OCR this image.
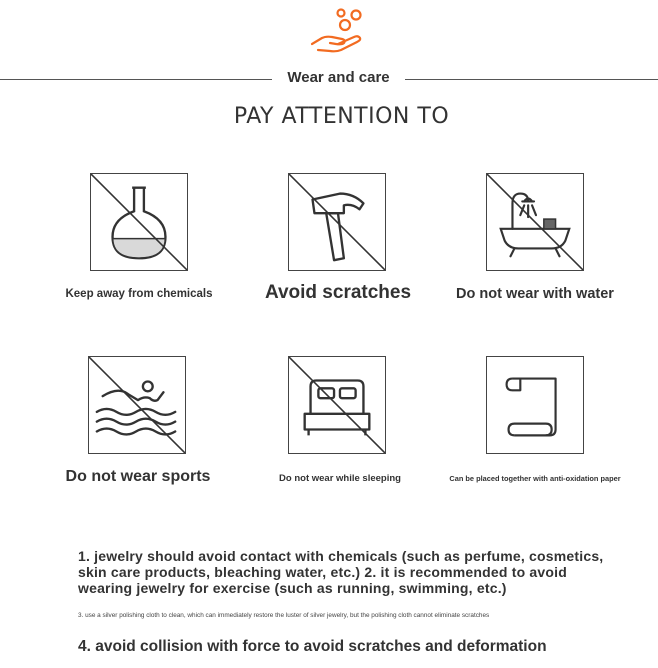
Wear and care
PAY ATTENTION TO
Keep away from chemicals	Avoid scratches	Do not wear with water
Do not wear sports	Do not wear while sleeping	Can be placed together with anti-oxidation paper
1. jewelry should avoid contact with chemicals (such as perfume, cosmetics, skin care products, bleaching water, etc.) 2. it is recommended to avoid wearing jewelry for exercise (such as running, swimming, etc.)
3. use a silver polishing cloth to clean, which can immediately restore the luster of silver jewelry, but the polishing cloth cannot eliminate scratches
4. avoid collision with force to avoid scratches and deformation
